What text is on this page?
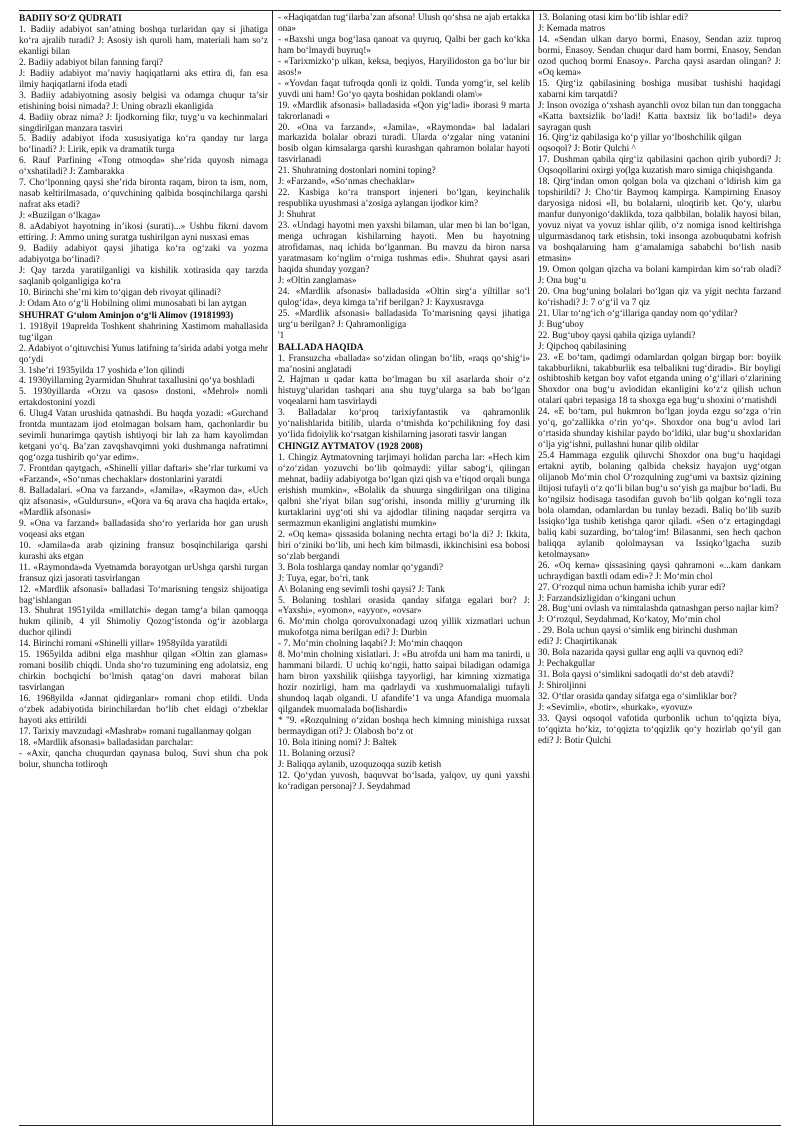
BADIIY SO‘Z QUDRATI

1. Badiiy adabiyot san’atning boshqa turlaridan qay si jihatiga ko‘ra ajralib turadi? J: Asosiy ish quroli ham, materiali ham so‘z ekanligi bilan

2. Badiiy adabiyot bilan fanning farqi?

J: Badiiy adabiyot ma’naviy haqiqatlarni aks ettira di, fan esa ilmiy haqiqatlarni ifoda etadi

3. Badiiy adabiyotning asosiy belgisi va odamga chuqur ta’sir etishining boisi nimada? J: Uning obrazli ekanligida

4. Badiiy obraz nima? J: Ijodkorning fikr, tuyg‘u va kechinmalari singdirilgan manzara tasviri

5. Badiiy adabiyot ifoda xususiyatiga ko‘ra qanday tur larga bo‘linadi? J: Lirik, epik va dramatik turga

6. Rauf Parfining «Tong otmoqda» she’rida quyosh nimaga o‘xshatiladi? J: Zambarakka

7. Cho‘lponning qaysi she’rida bironta raqam, biron ta ism, nom, nasab keltirilmasada, o‘quvchining qalbida bosqinchilarga qarshi nafrat aks etadi?

J: «Buzilgan o‘lkaga»

8. aAdabiyot hayotning in’ikosi (surati)...» Ushbu fikrni davom ettiring. J: Ammo uning suratga tushirilgan ayni nusxasi emas

9. Badiiy adabiyot qaysi jihatiga ko‘ra og‘zaki va yozma adabiyotga bo‘linadi?

J: Qay tarzda yaratilganligi va kishilik xotirasida qay tarzda saqlanib qolganligiga ko‘ra

10. Birinchi she’rni kim to‘qigan deb rivoyat qilinadi?

J: Odam Ato o‘g‘li Hobilning olimi munosabati bi lan aytgan

SHUHRAT G‘ulom Aminjon o‘g‘li Alimov (19181993)

1. 1918yil 19aprelda Toshkent shahrining Xastimom mahallasida tug‘ilgan

2. Adabiyot o‘qituvchisi Yunus latifning ta’sirida adabi yotga mehr qo‘ydi

3. 1she’ri 1935yilda 17 yoshida e’lon qilindi

4. 1930yillarning 2yarmidan Shuhrat taxallusini qo‘ya boshladi

5. 1930yillarda «Orzu va qasos» dostoni, «Mehrol» nomli ertakdostonini yozdi

6. Ulug4 Vatan urushida qatnashdi. Bu haqda yozadi: «Gurchand frontda muntazam ijod etolmagan bolsam ham, qachonlardir bu sevimli hunarimga qaytish ishtiyoqi bir lah za ham kayolimdan ketgani yo‘q. Ba’zan zavqshavqimni yoki dushmanga nafratimni qog‘ozga tushirib qo‘yar edim».

7. Frontdan qaytgach, «Shinelli yillar daftari» she’rlar turkumi va «Farzand», «So‘nmas chechaklar» dostonlarini yaratdi

8. Balladalari. «Ona va farzand», «Jamila», «Raymon da», «Uch qiz afsonasi», «Guldursun», «Qora va 6q arava cha haqida ertak», «Mardlik afsonasi»

9. «Ona va farzand» balladasida sho‘ro yerlarida hor gan urush voqeasi aks etgan

10. «Jamila»da arab qizining fransuz bosqinchilariga qarshi kurashi aks etgan

11. «Raymonda»da Vyetnamda borayotgan urUshga qarshi turgan fransuz qizi jasorati tasvirlangan

12. «Mardlik afsonasi» balladasi To‘marisning tengsiz shijoatiga bag‘ishlangan

13. Shuhrat 1951yilda «millatchi» degan tamg‘a bilan qamoqqa hukm qilinib, 4 yil Shimoliy Qozog‘istonda og‘ir azoblarga duchor qilindi

14. Birinchi romani «Shinelli yillar» 1958yilda yaratildi

15. 1965yilda adibni elga mashhur qilgan «Oltin zan glamas» romani bosilib chiqdi. Unda sho‘ro tuzumining eng adolatsiz, eng chirkin bochqichi bo‘lmish qatag‘on davri mahorat bilan tasvirlangan

16. 1968yilda «Jannat qidirganlar» romani chop etildi. Unda o‘zbek adabiyotida birinchilardan bo‘lib chet eldagi o‘zbeklar hayoti aks ettirildi

17. Tarixiy mavzudagi «Mashrab» romani tugallanmay qolgan

18. «Mardlik afsonasi» balladasidan parchalar:

- «Axir, qancha chuqurdan qaynasa buloq, Suvi shun cha pok bolur, shuncha totliroqh

- «Haqiqatdan tug‘ilarba’zan afsona! Ulush qo‘shsa ne ajab ertakka ona»

- «Baxshi unga bog‘lasa qanoat va quyruq, Qalbi ber gach ko‘kka ham bo‘lmaydi buyruq!»

- «Tarixmizko‘p ulkan, keksa, beqiyos, Haryilidoston ga bo‘lur bir asos!»

- «Yovdan faqat tufroqda qonli iz qoldi. Tunda yomg‘ir, sel kelib yuvdi uni ham! Go‘yo qayta boshidan poklandi olam\»

19. «Mardlik afsonasi» balladasida «Qon yig‘ladi» iborasi 9 marta takrorlanadi «

20. «Ona va farzand», «Jamila», «Raymonda» bal ladalari markazida bolalar obrazi turadi. Ularda o‘zgalar ning vatanini bosib olgan kimsalarga qarshi kurashgan qahramon bolalar hayoti tasvirlanadi

21. Shuhratning dostonlari nomini toping?

J: «Farzand», «So‘nmas chechaklar»

22. Kasbiga ko‘ra transport injeneri bo‘lgan, keyinchalik respublika uyushmasi a’zosiga aylangan ijodkor kim?

J: Shuhrat

23. «Undagi hayotni men yaxshi bilaman, ular men bi lan bo‘lgan, menga uchragan kishilarning hayoti. Men bu hayotning atrofidamas, naq ichida bo‘lganman. Bu mavzu da biron narsa yaratmasam ko‘nglim o‘rniga tushmas edi». Shuhrat qaysi asari haqida shunday yozgan?

J: «Oltin zanglamas»

24. «Mardlik afsonasi» balladasida «Oltin sirg‘a yiltillar so‘l qulog‘ida», deya kimga ta’rif berilgan? J: Kayxusravga

25. «Mardlik afsonasi» balladasida To‘marisning qaysi jihatiga urg‘u berilgan? J: Qahramonligiga

'1

BALLADA HAQIDA

1. Fransuzcha «ballada» so‘zidan olingan bo‘lib, «raqs qo‘shig‘i» ma’nosini anglatadi

2. Hajman u qadar katta bo‘lmagan bu xil asarlarda shoir o‘z histuyg‘ularidan tashqari ana shu tuyg‘ularga sa bab bo‘lgan voqealarni ham tasvirlaydi

3. Balladalar ko‘proq tarixiyfantastik va qahramonlik yo‘nalishlarida bitilib, ularda o‘tmishda ko‘pchilikning foy dasi yo‘lida fidoiylik ko‘rsatgan kishilarning jasorati tasvir langan

CHINGIZ AYTMATOV (1928 2008)

1. Chingiz Aytmatovning tarjimayi holidan parcha lar: «Hech kim o‘zo‘zidan yozuvchi bo‘lib qolmaydi: yillar sabog‘i, qilingan mehnat, badiiy adabiyotga bo‘lgan qizi qish va e’tiqod orqali bunga erishish mumkin», «Bolalik da shuurga singdirilgan ona tiligina qalbni she’riyat bilan sug‘orishi, insonda milliy g‘ururning ilk kurtaklarini uyg‘oti shi va ajdodlar tilining naqadar serqirra va sermazmun ekanligini anglatishi mumkin»

2. «Oq kema» qissasida bolaning nechta ertagi bo‘la di? J: Ikkita, biri o‘ziniki bo‘lib, uni hech kim bilmasdi, ikkinchisini esa bobosi so‘zlab bergandi

3. Bola toshlarga qanday nomlar qo‘ygandi?

J: Tuya, egar, bo‘ri, tank

A\ Bolaning eng sevimli toshi qaysi? J: Tank

5. Bolaning toshlari orasida qanday sifatga egalari bor? J: «Yaxshi», «yomon», «ayyor», «ovsar»

6. Mo‘min cholga qorovulxonadagi uzoq yillik xizmatlari uchun mukofotga nima berilgan edi? J: Durbin

- 7. Mo‘min cholning laqabi? J: Mo‘min chaqqon

8. Mo‘min cholning xislatlari. J: «Bu atrofda uni ham ma tanirdi, u hammani bilardi. U uchiq ko‘ngii, hatto saipai biladigan odamiga ham biron yaxshilik qiiishga tayyorligi, har kimning xizmatiga hozir nozirligi, ham ma qadrlaydi va xushmuomalaligi tufayli shundoq laqab olgandi. U afandife’1 va unga Afandiga muomala qilgandek muomalada bo(lishardi»

* "9. «Rozqulning o‘zidan boshqa hech kimning minishiga ruxsat bermaydigan oti? J: Olabosh bo‘z ot

10. Bola itining nomi? J: Baltek

11. Bolaning orzusi?

J: Baliqqa aylanib, uzoquzoqqa suzib ketish

12. Qo‘ydan yuvosh, baquvvat bo‘lsada, yalqov, uy quni yaxshi ko‘radigan personaj? J. Seydahmad

13. Bolaning otasi kim bo‘lib ishlar edi?

J: Kemada matros

14. «Sendan ulkan daryo bormi, Enasoy, Sendan aziz tuproq bormi, Enasoy. Sendan chuqur dard ham bormi, Enasoy, Sendan ozod quchoq bormi Enasoy». Parcha qaysi asardan olingan? J: «Oq kema»

15. Qirg‘iz qabilasining boshiga musibat tushishi haqidagi xabarni kim tarqatdi?

J: Inson ovoziga o‘xshash ayanchli ovoz bilan tun dan tonggacha «Katta baxtsizlik bo‘ladi! Katta baxtsiz lik bo‘ladi!» deya sayragan qush

16. Qirg‘iz qabilasiga ko‘p yillar yo‘lboshchilik qilgan

oqsoqol? J: Botir Qulchi ^

17. Dushman qabila qirg‘iz qabilasini qachon qirib yubordi? J: Oqsoqollarini oxirgi yo(lga kuzatish maro simiga chiqishganda

18. Qirg‘indan omon qolgan bola va qizchani o‘ldirish kim ga topshirildi? J: Cho‘tir Baymoq kampirga. Kampirning Enasoy daryosiga nidosi «Il, bu bolalarni, uloqtirib ket. Qo‘y, ularbu manfur dunyonigo‘daklikda, toza qalbbilan, bolalik hayosi bilan, yovuz niyat va yovuz ishlar qilib, o‘z nomiga isnod keltirishga ulgurmasdanoq tark etishsin, toki insonga azobuqubatni kofrish va boshqalaruing ham g‘amalamiga sababchi bo‘lish nasib etmasin»

19. Omon qolgan qizcha va bolani kampirdan kim so‘rab oladi? J: Ona bug‘u

20. Ona bug‘uning bolalari bo‘lgan qiz va yigit nechta farzand ko‘rishadi? J: 7 o‘g‘il va 7 qiz

21. Ular to‘ng‘ich o‘g‘illariga qanday nom qo‘ydilar?

J: Bug‘uboy

22. Bug‘uboy qaysi qabila qiziga uylandi?

J: Qipchoq qabilasining

23. «E bo‘tam, qadimgi odamlardan qolgan birgap bor: boyiik takabburlikni, takabburlik esa telbalikni tug‘diradi». Bir boyligi oshibtoshib ketgan boy vafot etganda uning o‘g‘illari o‘zlarining Shoxdor ona bug‘u avlodidan ekanligini ko‘z‘z qilish uchun otalari qabri tepasiga 18 ta shoxga ega bug‘u shoxini o‘rnatishdi

24. «E bo‘tam, pul hukmron bo‘lgan joyda ezgu so‘zga o‘rin yo‘q, go‘zallikka o‘rin yo‘q». Shoxdor ona bug‘u avlod lari o‘rtasida shunday kishilar paydo bo‘ldiki, ular bug‘u shoxlaridan o‘lja yig‘ishni, pullashni hunar qilib oldilar

25.4 Hammaga ezgulik qiluvchi Shoxdor ona bug‘u haqidagi ertakni aytib, bolaning qalbida cheksiz hayajon uyg‘otgan olijanob Mo‘min chol O‘rozqulning zug‘umi va baxtsiz qizining iltijosi tufayli o‘z qo‘li bilan bug‘u so‘yish ga majbur bo‘ladi. Bu ko‘ngilsiz hodisaga tasodifan guvoh bo‘lib qolgan ko‘ngli toza bola olamdan, odamlardan bu tunlay bezadi. Baliq bo‘lib suzib Issiqko‘lga tushib ketishga qaror qiladi. «Sen o‘z ertagingdagi baliq kabi suzarding, bo‘talog‘im! Bilasanmi, sen hech qachon baliqqa aylanib qololmaysan va Issiqko‘lgacha suzib ketolmaysan»

26. «Oq kema» qissasining qaysi qahramoni «...kam dankam uchraydigan baxtli odam edi»? J: Mo‘min chol

27. O‘rozqul nima uchun hamisha ichib yurar edi?

J: Farzandsizligidan o‘kingani uchun

28. Bug‘uni ovlash va nimtalashda qatnashgan perso najlar kim?

J: O‘rozqul, Seydahmad, Ko‘katoy, Mo‘min chol

. 29. Bola uchun qaysi o‘simlik eng birinchi dushman

edi? J: Chaqirtikanak

30. Bola nazarida qaysi gullar eng aqlli va quvnoq edi?

J: Pechakgullar

31. Bola qaysi o‘simlikni sadoqatli do‘st deb atavdi?

J: Shiroljinni

32. O‘tlar orasida qanday sifatga ega o‘simliklar bor?

J: «Sevimli», «botir», «hurkak», «yovuz»

33. Qaysi oqsoqol vafotida qurbonlik uchun to‘qqizta biya, to‘qqizta ho‘kiz, to‘qqizta to‘qqizlik qo‘y hozirlab qo‘yil gan edi? J: Botir Qulchi
